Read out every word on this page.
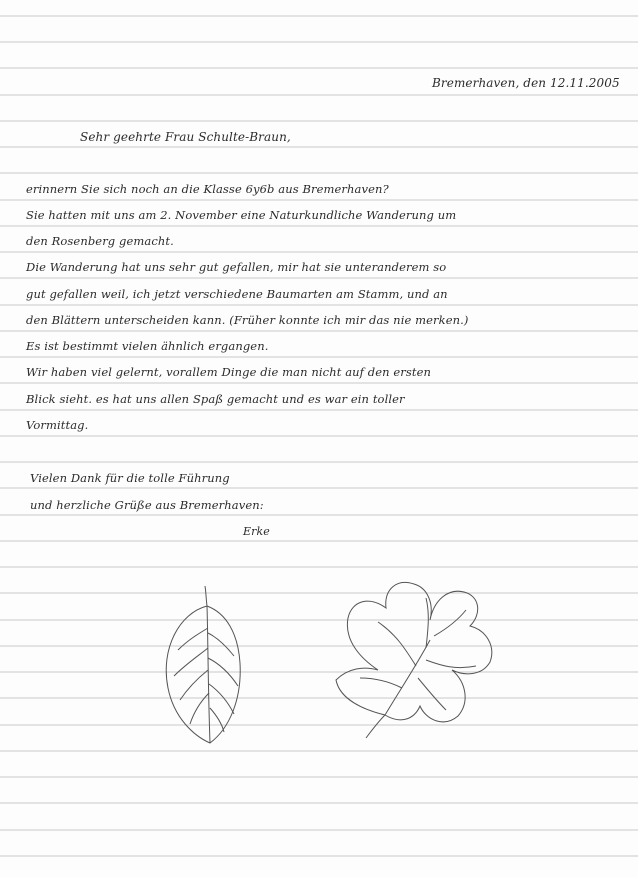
Bremerhaven, den 12.11.2005

Sehr geehrte Frau Schulte-Braun,

erinnern Sie sich noch an die Klasse 6y6b aus Bremerhaven?

Sie hatten mit uns am 2. November eine Naturkundliche Wanderung um

den Rosenberg gemacht.

Die Wanderung hat uns sehr gut gefallen, mir hat sie unteranderem so

gut gefallen weil, ich jetzt verschiedene Baumarten am Stamm, und an

den Blättern unterscheiden kann. (Früher konnte ich mir das nie merken.)

Es ist bestimmt vielen ähnlich ergangen.

Wir haben viel gelernt, vorallem Dinge die man nicht auf den ersten

Blick sieht. es hat uns allen Spaß gemacht und es war ein toller

Vormittag.

Vielen Dank für die tolle Führung

und herzliche Grüße aus Bremerhaven:

Erke
